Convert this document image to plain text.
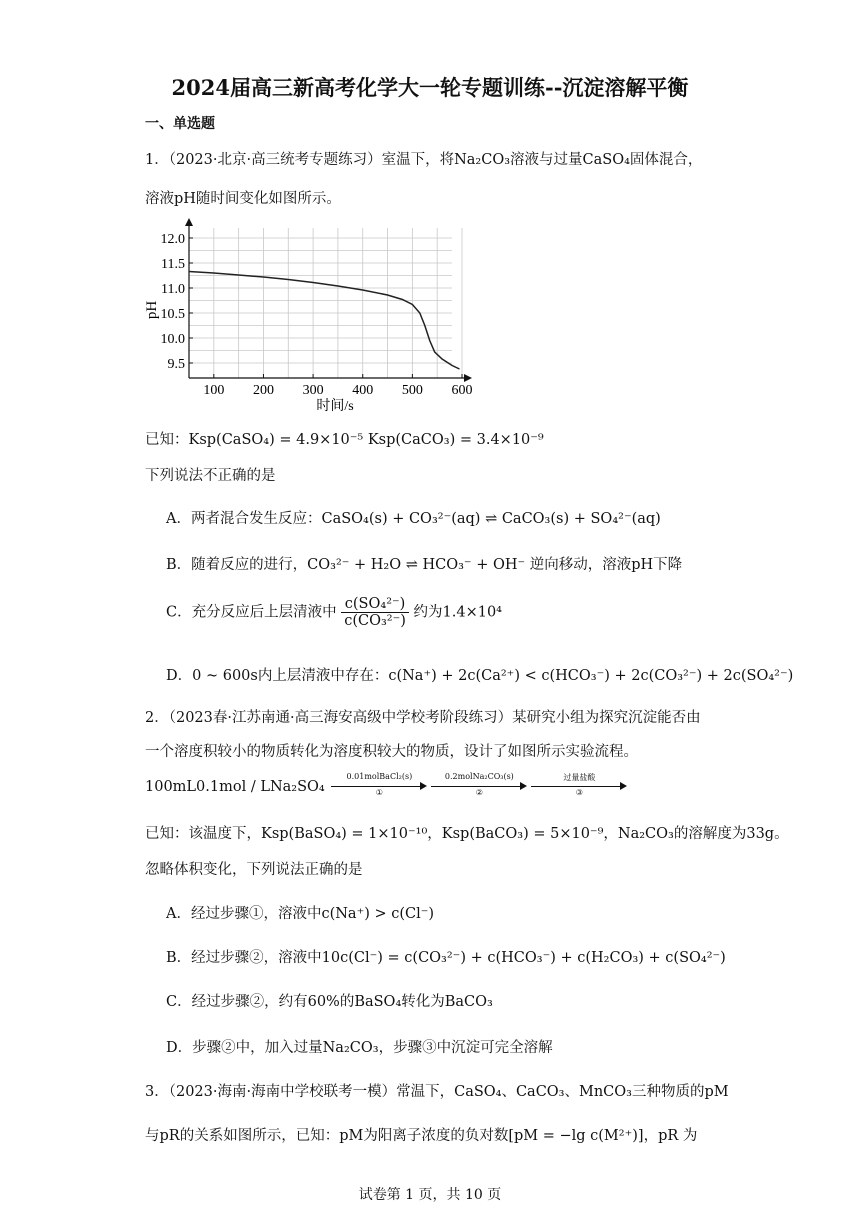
2024届高三新高考化学大一轮专题训练--沉淀溶解平衡
一、单选题
1．（2023·北京·高三统考专题练习）室温下，将Na₂CO₃溶液与过量CaSO₄固体混合，
溶液pH随时间变化如图所示。
12.0
11.5
11.0
10.5
10.0
9.5
100 200 300 400 500 600
pH
时间/s
已知：Ksp(CaSO₄) = 4.9×10⁻⁵ Ksp(CaCO₃) = 3.4×10⁻⁹
下列说法不正确的是
A．两者混合发生反应：CaSO₄(s) + CO₃²⁻(aq) ⇌ CaCO₃(s) + SO₄²⁻(aq)
B．随着反应的进行，CO₃²⁻ + H₂O ⇌ HCO₃⁻ + OH⁻ 逆向移动，溶液pH下降
C．充分反应后上层清液中 $\frac{\text{c(SO₄²⁻)}}{\text{c(CO₃²⁻)}}$ 约为1.4×10⁴
D．0 ~ 600s内上层清液中存在：c(Na⁺) + 2c(Ca²⁺) < c(HCO₃⁻) + 2c(CO₃²⁻) + 2c(SO₄²⁻)
2．（2023春·江苏南通·高三海安高级中学校考阶段练习）某研究小组为探究沉淀能否由
一个溶度积较小的物质转化为溶度积较大的物质，设计了如图所示实验流程。
100mL0.1mol / LNa₂SO₄
0.01molBaCl₂(s)
①
0.2molNa₂CO₃(s)
②
过量盐酸
③
已知：该温度下，Ksp(BaSO₄) = 1×10⁻¹⁰，Ksp(BaCO₃) = 5×10⁻⁹，Na₂CO₃的溶解度为33g。
忽略体积变化，下列说法正确的是
A．经过步骤①，溶液中c(Na⁺) > c(Cl⁻)
B．经过步骤②，溶液中10c(Cl⁻) = c(CO₃²⁻) + c(HCO₃⁻) + c(H₂CO₃) + c(SO₄²⁻)
C．经过步骤②，约有60%的BaSO₄转化为BaCO₃
D．步骤②中，加入过量Na₂CO₃，步骤③中沉淀可完全溶解
3．（2023·海南·海南中学校联考一模）常温下，CaSO₄、CaCO₃、MnCO₃三种物质的pM
与pR的关系如图所示，已知：pM为阳离子浓度的负对数[pM = −lg c(M²⁺)]，pR 为
试卷第 1 页，共 10 页
